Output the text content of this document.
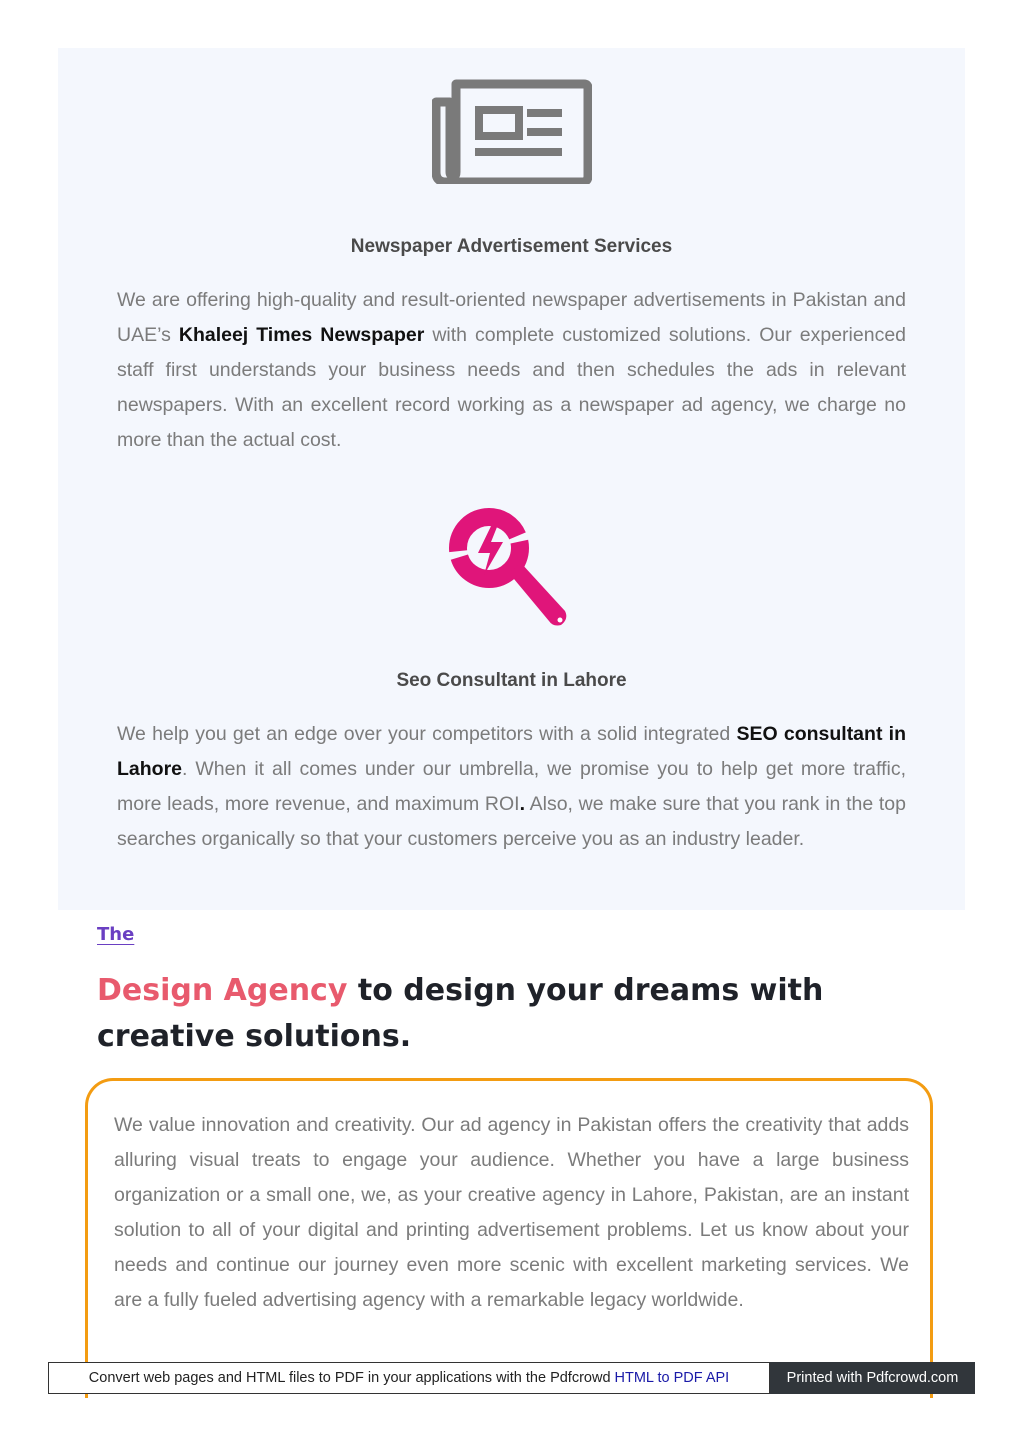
Newspaper Advertisement Services
We are offering high-quality and result-oriented newspaper advertisements in Pakistan and UAE’s Khaleej Times Newspaper with complete customized solutions. Our experienced staff first understands your business needs and then schedules the ads in relevant newspapers. With an excellent record working as a newspaper ad agency, we charge no more than the actual cost.
Seo Consultant in Lahore
We help you get an edge over your competitors with a solid integrated SEO consultant in Lahore. When it all comes under our umbrella, we promise you to help get more traffic, more leads, more revenue, and maximum ROI. Also, we make sure that you rank in the top searches organically so that your customers perceive you as an industry leader.
The
Design Agency to design your dreams with creative solutions.
We value innovation and creativity. Our ad agency in Pakistan offers the creativity that adds alluring visual treats to engage your audience. Whether you have a large business organization or a small one, we, as your creative agency in Lahore, Pakistan, are an instant solution to all of your digital and printing advertisement problems. Let us know about your needs and continue our journey even more scenic with excellent marketing services. We are a fully fueled advertising agency with a remarkable legacy worldwide.
Convert web pages and HTML files to PDF in your applications with the Pdfcrowd HTML to PDF API	Printed with Pdfcrowd.com
